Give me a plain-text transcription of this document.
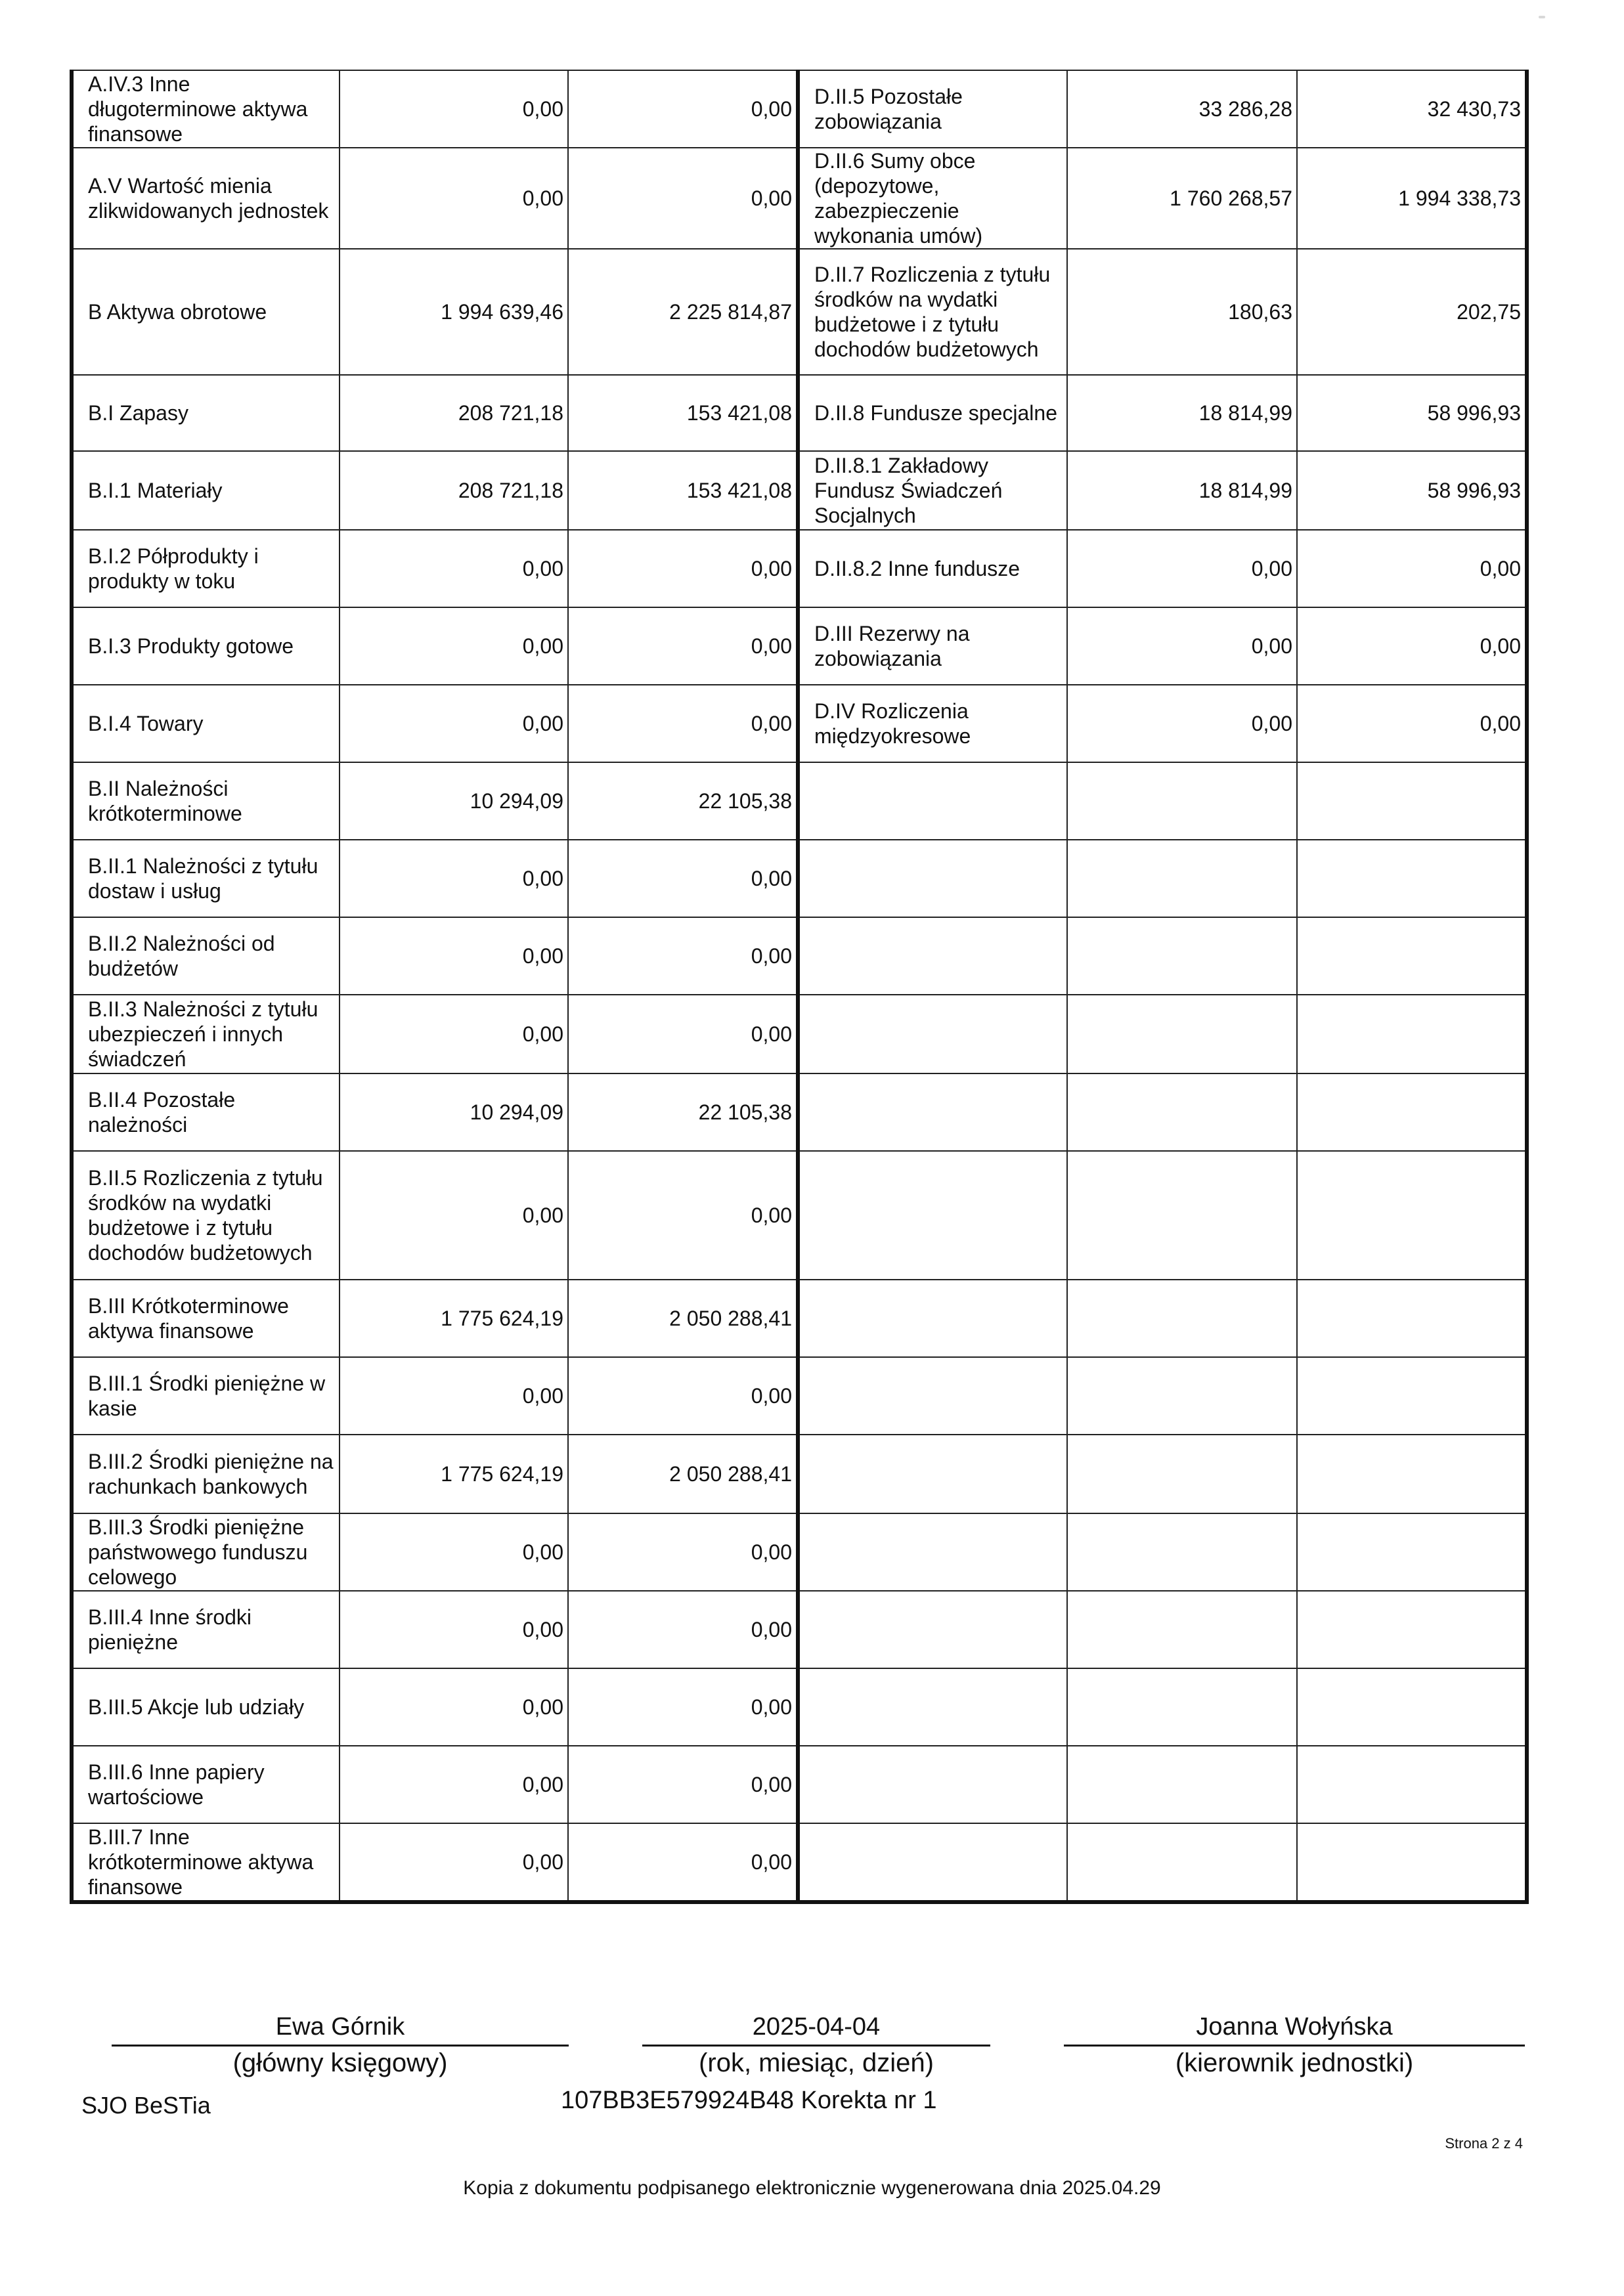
A.IV.3 Inne długoterminowe aktywa finansowe	0,00	0,00	D.II.5 Pozostałe zobowiązania	33 286,28	32 430,73
A.V Wartość mienia zlikwidowanych jednostek	0,00	0,00	D.II.6 Sumy obce (depozytowe, zabezpieczenie wykonania umów)	1 760 268,57	1 994 338,73
B Aktywa obrotowe	1 994 639,46	2 225 814,87	D.II.7 Rozliczenia z tytułu środków na wydatki budżetowe i z tytułu dochodów budżetowych	180,63	202,75
B.I Zapasy	208 721,18	153 421,08	D.II.8 Fundusze specjalne	18 814,99	58 996,93
B.I.1 Materiały	208 721,18	153 421,08	D.II.8.1 Zakładowy Fundusz Świadczeń Socjalnych	18 814,99	58 996,93
B.I.2 Półprodukty i produkty w toku	0,00	0,00	D.II.8.2 Inne fundusze	0,00	0,00
B.I.3 Produkty gotowe	0,00	0,00	D.III Rezerwy na zobowiązania	0,00	0,00
B.I.4 Towary	0,00	0,00	D.IV Rozliczenia międzyokresowe	0,00	0,00
B.II Należności krótkoterminowe	10 294,09	22 105,38			
B.II.1 Należności z tytułu dostaw i usług	0,00	0,00			
B.II.2 Należności od budżetów	0,00	0,00			
B.II.3 Należności z tytułu ubezpieczeń i innych świadczeń	0,00	0,00			
B.II.4 Pozostałe należności	10 294,09	22 105,38			
B.II.5 Rozliczenia z tytułu środków na wydatki budżetowe i z tytułu dochodów budżetowych	0,00	0,00			
B.III Krótkoterminowe aktywa finansowe	1 775 624,19	2 050 288,41			
B.III.1 Środki pieniężne w kasie	0,00	0,00			
B.III.2 Środki pieniężne na rachunkach bankowych	1 775 624,19	2 050 288,41			
B.III.3 Środki pieniężne państwowego funduszu celowego	0,00	0,00			
B.III.4 Inne środki pieniężne	0,00	0,00			
B.III.5 Akcje lub udziały	0,00	0,00			
B.III.6 Inne papiery wartościowe	0,00	0,00			
B.III.7 Inne krótkoterminowe aktywa finansowe	0,00	0,00			
Ewa Górnik
(główny księgowy)
2025-04-04
(rok, miesiąc, dzień)
Joanna Wołyńska
(kierownik jednostki)
SJO BeSTia	107BB3E579924B48 Korekta nr 1
Strona 2 z 4
Kopia z dokumentu podpisanego elektronicznie wygenerowana dnia 2025.04.29
